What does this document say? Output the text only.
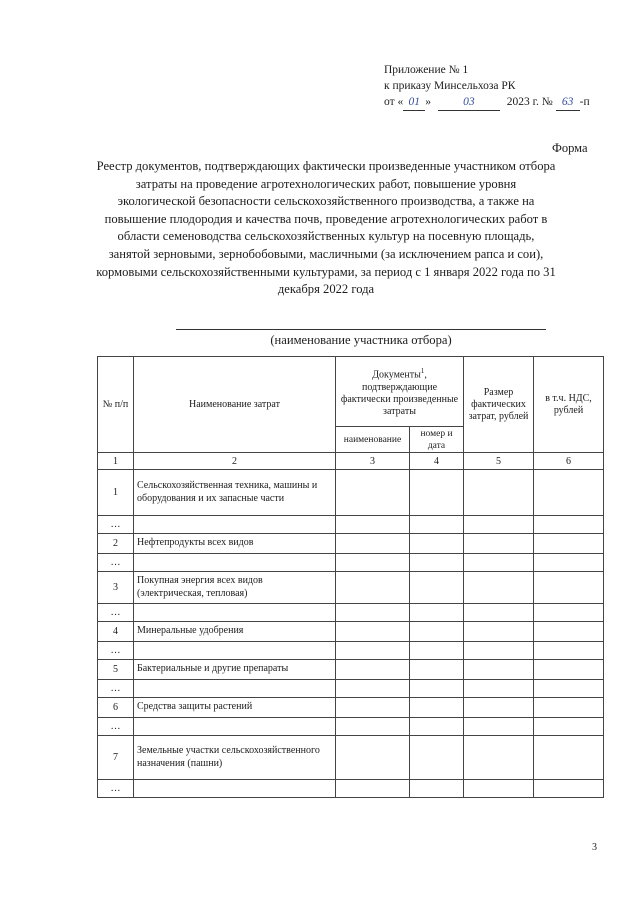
Приложение № 1
к приказу Минсельхоза РК
от « 01 »	03	2023 г. № 63 -п
Форма
Реестр документов, подтверждающих фактически произведенные участником отбора затраты на проведение агротехнологических работ, повышение уровня экологической безопасности сельскохозяйственного производства, а также на повышение плодородия и качества почв, проведение агротехнологических работ в области семеноводства сельскохозяйственных культур на посевную площадь, занятой зерновыми, зернобобовыми, масличными (за исключением рапса и сои), кормовыми сельскохозяйственными культурами, за период с 1 января 2022 года по 31 декабря 2022 года
(наименование участника отбора)
№ п/п	Наименование затрат	Документы$^1$, подтверждающие фактически произведенные затраты		Размер фактических затрат, рублей	в т.ч. НДС, рублей
		наименование	номер и дата		
1	2	3	4	5	6
1	Сельскохозяйственная техника, машины и оборудования и их запасные части				
…					
2	Нефтепродукты всех видов				
…					
3	Покупная энергия всех видов (электрическая, тепловая)				
…					
4	Минеральные удобрения				
…					
5	Бактериальные и другие препараты				
…					
6	Средства защиты растений				
…					
7	Земельные участки сельскохозяйственного назначения (пашни)				
…					
3
